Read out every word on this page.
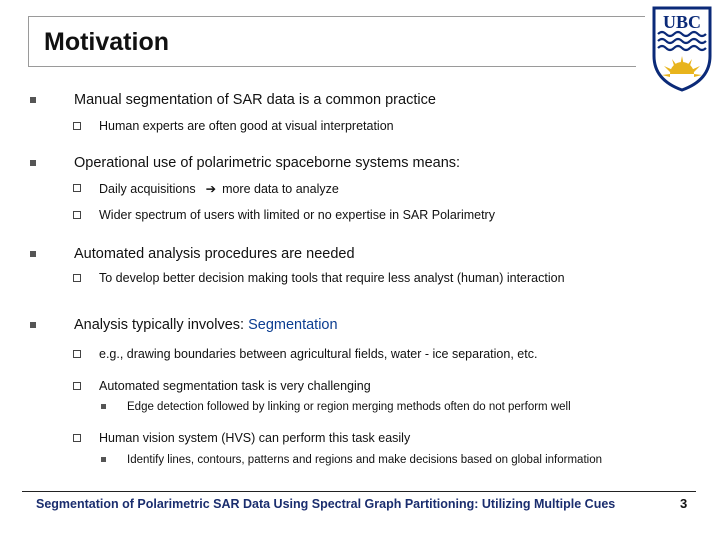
Motivation
UBC
Manual segmentation of SAR data is a common practice
Human experts are often good at visual interpretation
Operational use of polarimetric spaceborne systems means:
Daily acquisitions ➔ more data to analyze
Wider spectrum of users with limited or no expertise in SAR Polarimetry
Automated analysis procedures are needed
To develop better decision making tools that require less analyst (human) interaction
Analysis typically involves: Segmentation
e.g., drawing boundaries between agricultural fields, water - ice separation, etc.
Automated segmentation task is very challenging
Edge detection followed by linking or region merging methods often do not perform well
Human vision system (HVS) can perform this task easily
Identify lines, contours, patterns and regions and make decisions based on global information
Segmentation of Polarimetric SAR Data Using Spectral Graph Partitioning: Utilizing Multiple Cues	3
